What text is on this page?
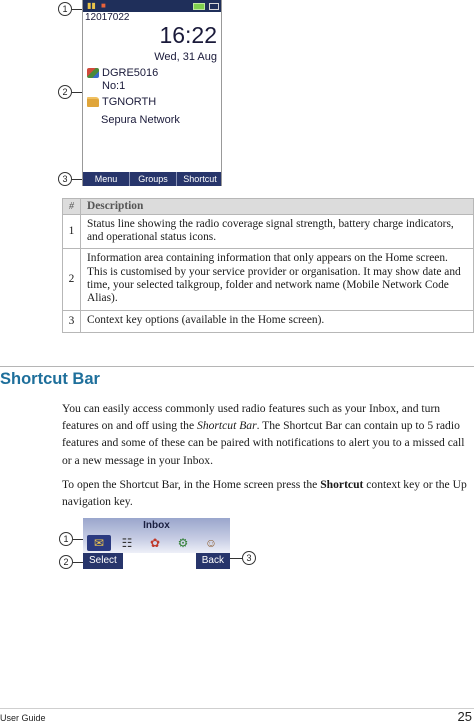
1
2
3
▮▮ ■
12017022
16:22
Wed, 31 Aug
DGRE5016
No:1
TGNORTH
Sepura Network
Menu	Groups	Shortcut
#	Description
1	Status line showing the radio coverage signal strength, battery charge indicators, and operational status icons.
2	Information area containing information that only appears on the Home screen. This is customised by your service provider or organisation. It may show date and time, your selected talkgroup, folder and network name (Mobile Network Code Alias).
3	Context key options (available in the Home screen).
Shortcut Bar

You can easily access commonly used radio features such as your Inbox, and turn features on and off using the Shortcut Bar. The Shortcut Bar can contain up to 5 radio features and some of these can be paired with notifications to alert you to a missed call or a new message in your Inbox.

To open the Shortcut Bar, in the Home screen press the Shortcut context key or the Up navigation key.

1
2	3
Inbox
✉	☷	✿	⚙	☺
Select	Back
User Guide	25
